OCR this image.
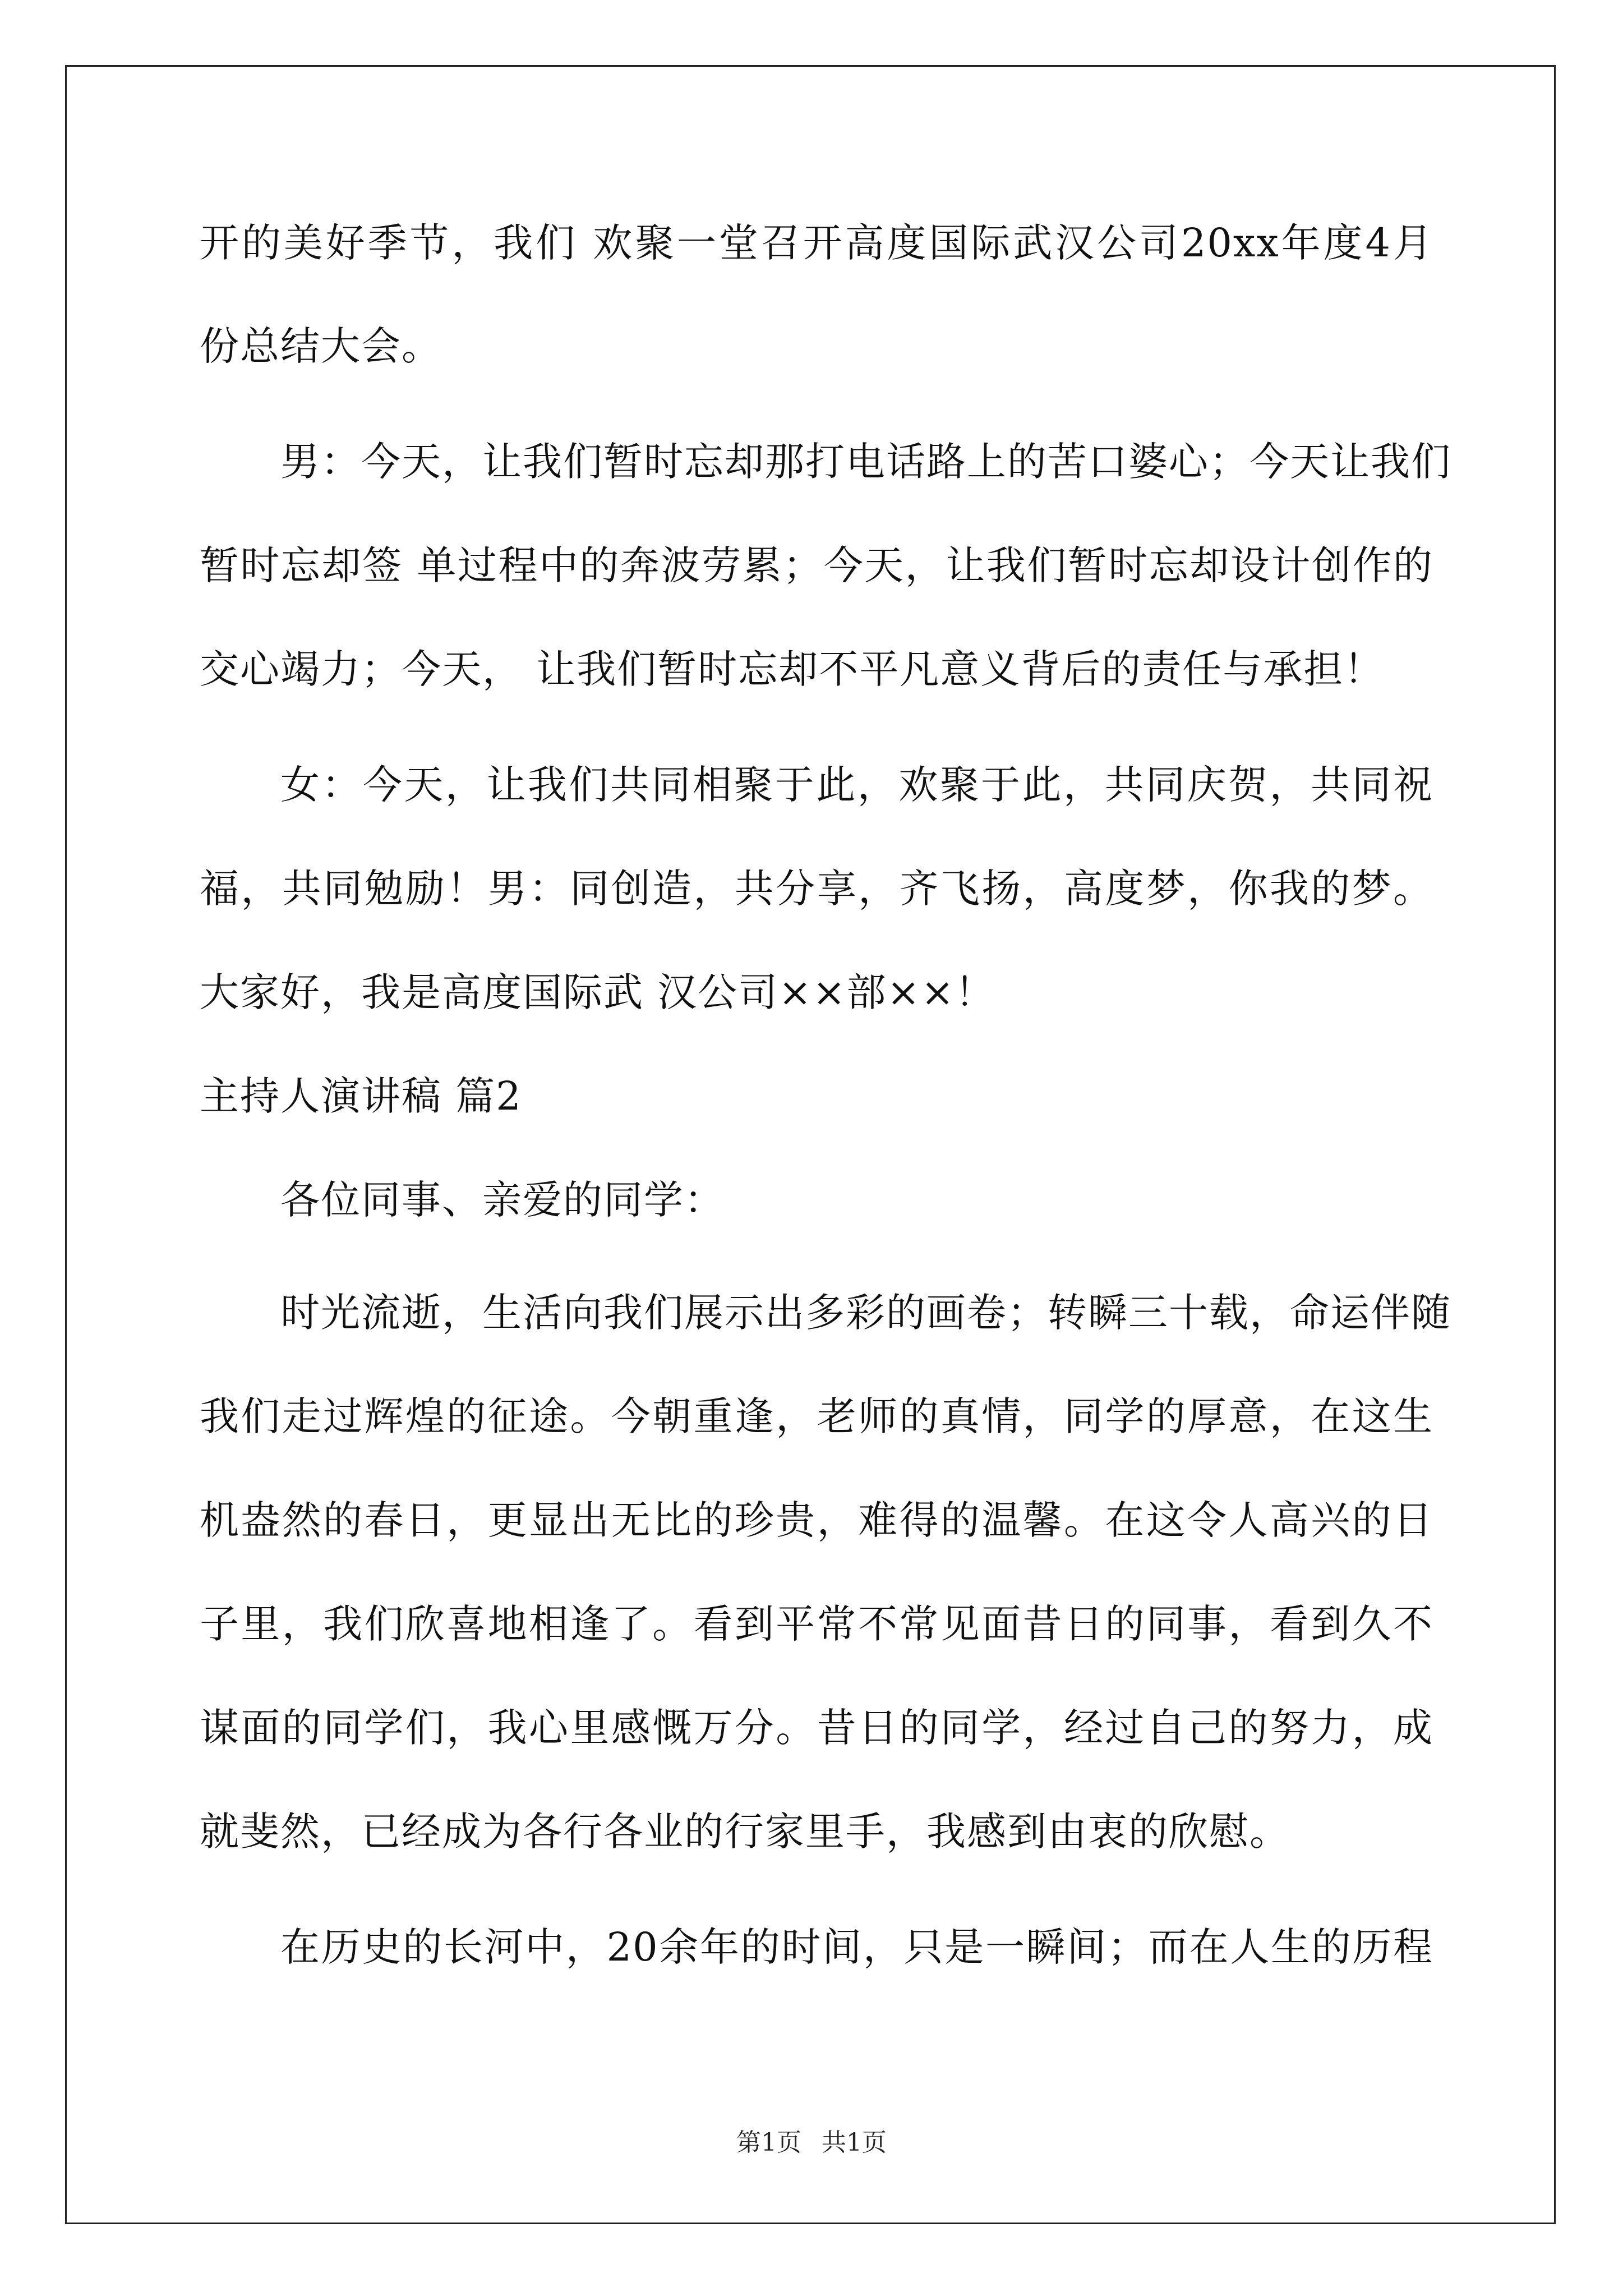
开的美好季节，我们 欢聚一堂召开高度国际武汉公司20xx年度4月
份总结大会。
男：今天，让我们暂时忘却那打电话路上的苦口婆心；今天让我们
暂时忘却签 单过程中的奔波劳累；今天，让我们暂时忘却设计创作的
交心竭力；今天， 让我们暂时忘却不平凡意义背后的责任与承担！
女：今天，让我们共同相聚于此，欢聚于此，共同庆贺，共同祝
福，共同勉励！男：同创造，共分享，齐飞扬，高度梦，你我的梦。
大家好，我是高度国际武 汉公司××部××！
主持人演讲稿 篇2
各位同事、亲爱的同学：
时光流逝，生活向我们展示出多彩的画卷；转瞬三十载，命运伴随
我们走过辉煌的征途。今朝重逢，老师的真情，同学的厚意，在这生
机盎然的春日，更显出无比的珍贵，难得的温馨。在这令人高兴的日
子里，我们欣喜地相逢了。看到平常不常见面昔日的同事，看到久不
谋面的同学们，我心里感慨万分。昔日的同学，经过自己的努力，成
就斐然，已经成为各行各业的行家里手，我感到由衷的欣慰。
在历史的长河中，20余年的时间，只是一瞬间；而在人生的历程
第1页 共1页
